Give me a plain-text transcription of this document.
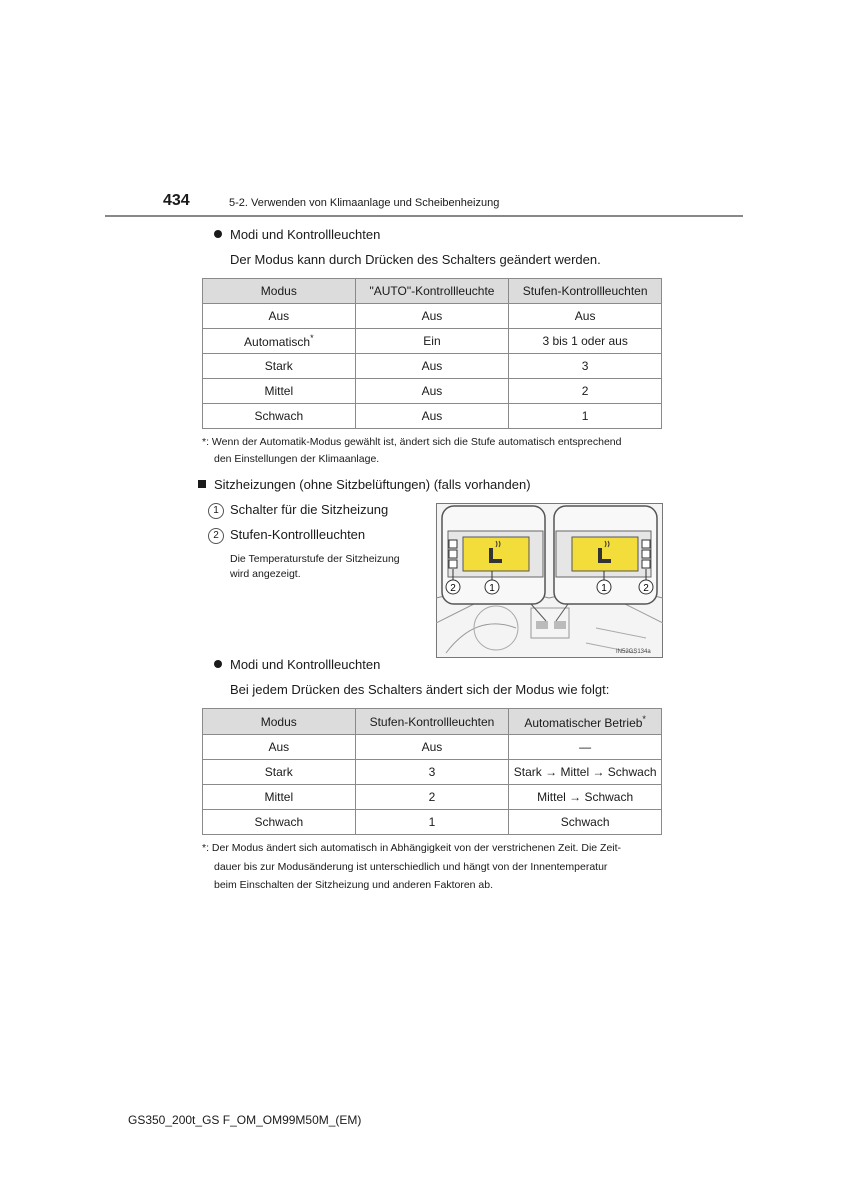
434	5-2. Verwenden von Klimaanlage und Scheibenheizung
Modi und Kontrollleuchten
Der Modus kann durch Drücken des Schalters geändert werden.
Modus	"AUTO"-Kontrollleuchte	Stufen-Kontrollleuchten
Aus	Aus	Aus
Automatisch*	Ein	3 bis 1 oder aus
Stark	Aus	3
Mittel	Aus	2
Schwach	Aus	1
*: Wenn der Automatik-Modus gewählt ist, ändert sich die Stufe automatisch entsprechend
den Einstellungen der Klimaanlage.
Sitzheizungen (ohne Sitzbelüftungen) (falls vorhanden)
1 Schalter für die Sitzheizung
2 Stufen-Kontrollleuchten
Die Temperaturstufe der Sitzheizung
wird angezeigt.
2	1	1	2
IN52GS134a
Modi und Kontrollleuchten
Bei jedem Drücken des Schalters ändert sich der Modus wie folgt:
Modus	Stufen-Kontrollleuchten	Automatischer Betrieb*
Aus	Aus	—
Stark	3	Stark → Mittel → Schwach
Mittel	2	Mittel → Schwach
Schwach	1	Schwach
*: Der Modus ändert sich automatisch in Abhängigkeit von der verstrichenen Zeit. Die Zeit-
dauer bis zur Modusänderung ist unterschiedlich und hängt von der Innentemperatur
beim Einschalten der Sitzheizung und anderen Faktoren ab.
GS350_200t_GS F_OM_OM99M50M_(EM)
